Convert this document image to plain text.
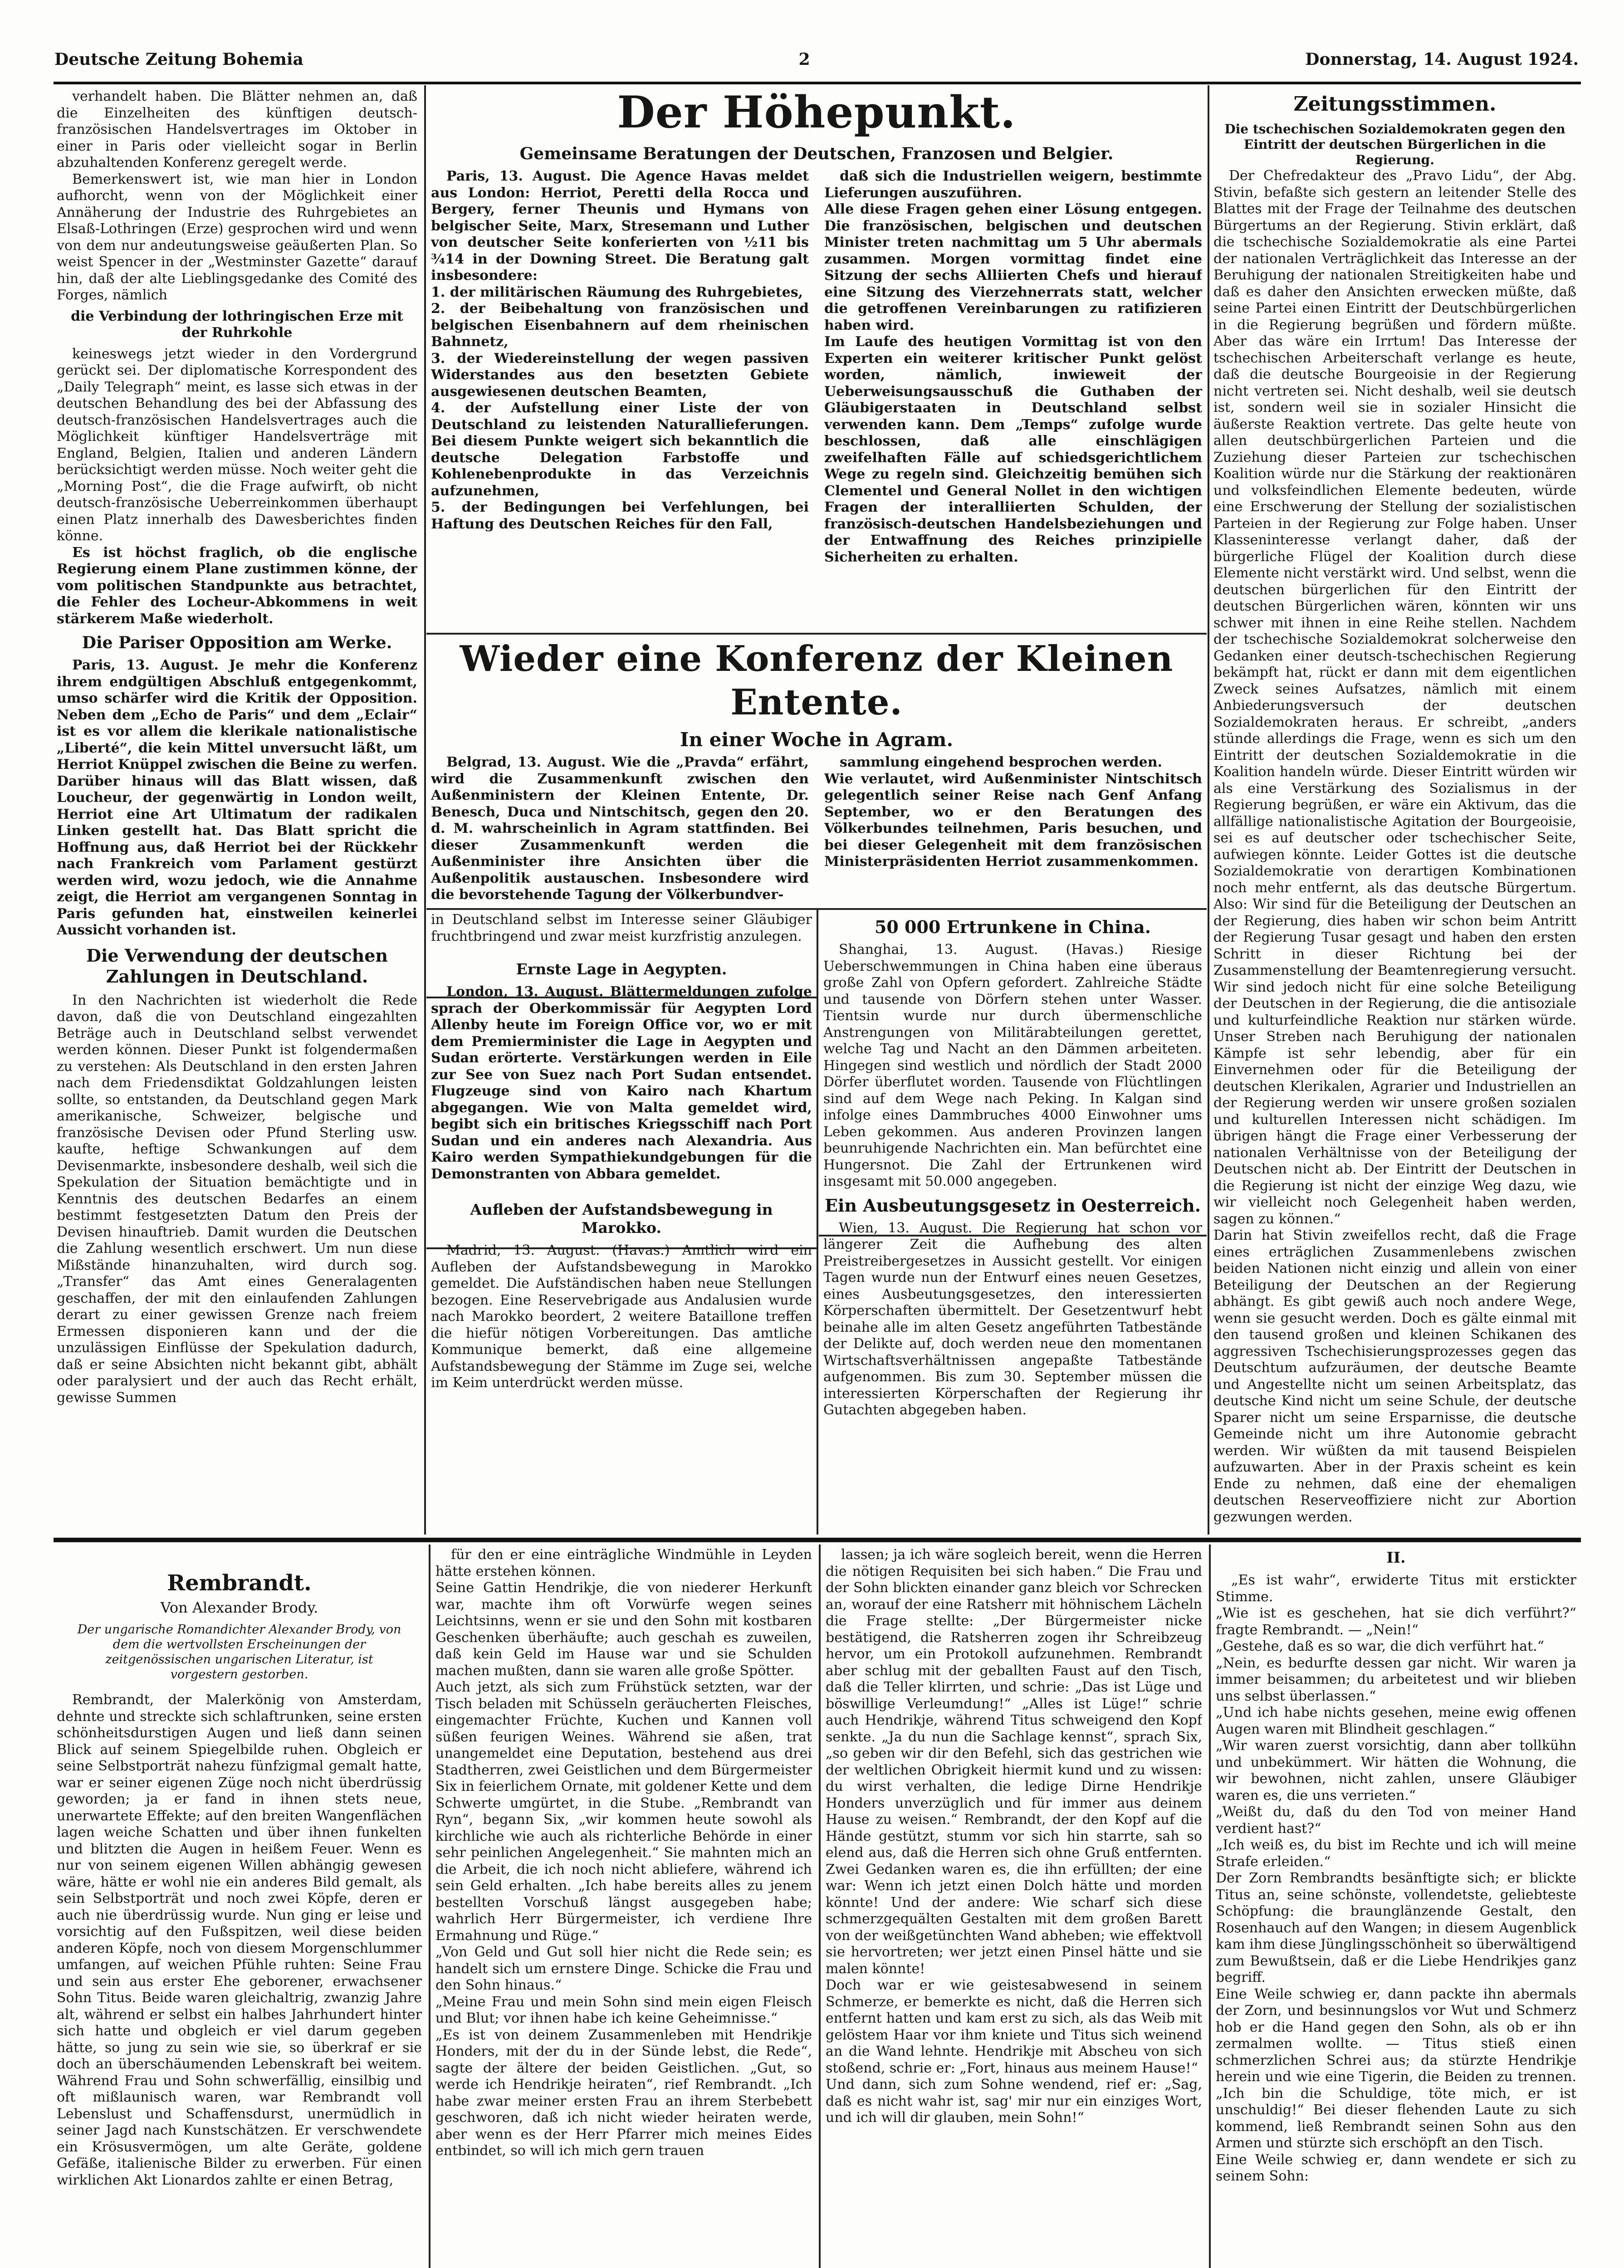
Deutsche Zeitung Bohemia	2	Donnerstag, 14. August 1924.

verhandelt haben. Die Blätter nehmen an, daß die Einzelheiten des künftigen deutsch-französischen Handelsvertrages im Oktober in einer in Paris oder vielleicht sogar in Berlin abzuhaltenden Konferenz geregelt werde.

Bemerkenswert ist, wie man hier in London aufhorcht, wenn von der Möglichkeit einer Annäherung der Industrie des Ruhrgebietes an Elsaß-Lothringen (Erze) gesprochen wird und wenn von dem nur andeutungsweise geäußerten Plan. So weist Spencer in der „Westminster Gazette“ darauf hin, daß der alte Lieblingsgedanke des Comité des Forges, nämlich

die Verbindung der lothringischen Erze mit der Ruhrkohle

keineswegs jetzt wieder in den Vordergrund gerückt sei. Der diplomatische Korrespondent des „Daily Telegraph“ meint, es lasse sich etwas in der deutschen Behandlung des bei der Abfassung des deutsch-französischen Handelsvertrages auch die Möglichkeit künftiger Handelsverträge mit England, Belgien, Italien und anderen Ländern berücksichtigt werden müsse. Noch weiter geht die „Morning Post“, die die Frage aufwirft, ob nicht deutsch-französische Ueberreinkommen überhaupt einen Platz innerhalb des Dawesberichtes finden könne.

Es ist höchst fraglich, ob die englische Regierung einem Plane zustimmen könne, der vom politischen Standpunkte aus betrachtet, die Fehler des Locheur-Abkommens in weit stärkerem Maße wiederholt.

Die Pariser Opposition am Werke.

Paris, 13. August. Je mehr die Konferenz ihrem endgültigen Abschluß entgegenkommt, umso schärfer wird die Kritik der Opposition. Neben dem „Echo de Paris“ und dem „Eclair“ ist es vor allem die klerikale nationalistische „Liberté“, die kein Mittel unversucht läßt, um Herriot Knüppel zwischen die Beine zu werfen. Darüber hinaus will das Blatt wissen, daß Loucheur, der gegenwärtig in London weilt, Herriot eine Art Ultimatum der radikalen Linken gestellt hat. Das Blatt spricht die Hoffnung aus, daß Herriot bei der Rückkehr nach Frankreich vom Parlament gestürzt werden wird, wozu jedoch, wie die Annahme zeigt, die Herriot am vergangenen Sonntag in Paris gefunden hat, einstweilen keinerlei Aussicht vorhanden ist.

Die Verwendung der deutschen Zahlungen in Deutschland.

In den Nachrichten ist wiederholt die Rede davon, daß die von Deutschland eingezahlten Beträge auch in Deutschland selbst verwendet werden können. Dieser Punkt ist folgendermaßen zu verstehen: Als Deutschland in den ersten Jahren nach dem Friedensdiktat Goldzahlungen leisten sollte, so entstanden, da Deutschland gegen Mark amerikanische, Schweizer, belgische und französische Devisen oder Pfund Sterling usw. kaufte, heftige Schwankungen auf dem Devisenmarkte, insbesondere deshalb, weil sich die Spekulation der Situation bemächtigte und in Kenntnis des deutschen Bedarfes an einem bestimmt festgesetzten Datum den Preis der Devisen hinauftrieb. Damit wurden die Deutschen die Zahlung wesentlich erschwert. Um nun diese Mißstände hinanzuhalten, wird durch sog. „Transfer“ das Amt eines Generalagenten geschaffen, der mit den einlaufenden Zahlungen derart zu einer gewissen Grenze nach freiem Ermessen disponieren kann und der die unzulässigen Einflüsse der Spekulation dadurch, daß er seine Absichten nicht bekannt gibt, abhält oder paralysiert und der auch das Recht erhält, gewisse Summen

Der Höhepunkt.
Gemeinsame Beratungen der Deutschen, Franzosen und Belgier.

Paris, 13. August. Die Agence Havas meldet aus London: Herriot, Peretti della Rocca und Bergery, ferner Theunis und Hymans von belgischer Seite, Marx, Stresemann und Luther von deutscher Seite konferierten von ½11 bis ¾14 in der Downing Street. Die Beratung galt insbesondere:
1. der militärischen Räumung des Ruhrgebietes,
2. der Beibehaltung von französischen und belgischen Eisenbahnern auf dem rheinischen Bahnnetz,
3. der Wiedereinstellung der wegen passiven Widerstandes aus den besetzten Gebiete ausgewiesenen deutschen Beamten,
4. der Aufstellung einer Liste der von Deutschland zu leistenden Naturallieferungen. Bei diesem Punkte weigert sich bekanntlich die deutsche Delegation Farbstoffe und Kohlenebenprodukte in das Verzeichnis aufzunehmen,
5. der Bedingungen bei Verfehlungen, bei Haftung des Deutschen Reiches für den Fall,

daß sich die Industriellen weigern, bestimmte Lieferungen auszuführen.
Alle diese Fragen gehen einer Lösung entgegen. Die französischen, belgischen und deutschen Minister treten nachmittag um 5 Uhr abermals zusammen. Morgen vormittag findet eine Sitzung der sechs Alliierten Chefs und hierauf eine Sitzung des Vierzehnerrats statt, welcher die getroffenen Vereinbarungen zu ratifizieren haben wird.
Im Laufe des heutigen Vormittag ist von den Experten ein weiterer kritischer Punkt gelöst worden, nämlich, inwieweit der Ueberweisungsausschuß die Guthaben der Gläubigerstaaten in Deutschland selbst verwenden kann. Dem „Temps“ zufolge wurde beschlossen, daß alle einschlägigen zweifelhaften Fälle auf schiedsgerichtlichem Wege zu regeln sind. Gleichzeitig bemühen sich Clementel und General Nollet in den wichtigen Fragen der interalliierten Schulden, der französisch-deutschen Handelsbeziehungen und der Entwaffnung des Reiches prinzipielle Sicherheiten zu erhalten.

Wieder eine Konferenz der Kleinen Entente.
In einer Woche in Agram.

Belgrad, 13. August. Wie die „Pravda“ erfährt, wird die Zusammenkunft zwischen den Außenministern der Kleinen Entente, Dr. Benesch, Duca und Nintschitsch, gegen den 20. d. M. wahrscheinlich in Agram stattfinden. Bei dieser Zusammenkunft werden die Außenminister ihre Ansichten über die Außenpolitik austauschen. Insbesondere wird die bevorstehende Tagung der Völkerbundver-

sammlung eingehend besprochen werden.
Wie verlautet, wird Außenminister Nintschitsch gelegentlich seiner Reise nach Genf Anfang September, wo er den Beratungen des Völkerbundes teilnehmen, Paris besuchen, und bei dieser Gelegenheit mit dem französischen Ministerpräsidenten Herriot zusammenkommen.

in Deutschland selbst im Interesse seiner Gläubiger fruchtbringend und zwar meist kurzfristig anzulegen.

Ernste Lage in Aegypten.

London, 13. August. Blättermeldungen zufolge sprach der Oberkommissär für Aegypten Lord Allenby heute im Foreign Office vor, wo er mit dem Premierminister die Lage in Aegypten und Sudan erörterte. Verstärkungen werden in Eile zur See von Suez nach Port Sudan entsendet. Flugzeuge sind von Kairo nach Khartum abgegangen. Wie von Malta gemeldet wird, begibt sich ein britisches Kriegsschiff nach Port Sudan und ein anderes nach Alexandria. Aus Kairo werden Sympathiekundgebungen für die Demonstranten von Abbara gemeldet.

Aufleben der Aufstandsbewegung in Marokko.

Madrid, 13. August. (Havas.) Amtlich wird ein Aufleben der Aufstandsbewegung in Marokko gemeldet. Die Aufständischen haben neue Stellungen bezogen. Eine Reservebrigade aus Andalusien wurde nach Marokko beordert, 2 weitere Bataillone treffen die hiefür nötigen Vorbereitungen. Das amtliche Kommunique bemerkt, daß eine allgemeine Aufstandsbewegung der Stämme im Zuge sei, welche im Keim unterdrückt werden müsse.

50 000 Ertrunkene in China.

Shanghai, 13. August. (Havas.) Riesige Ueberschwemmungen in China haben eine überaus große Zahl von Opfern gefordert. Zahlreiche Städte und tausende von Dörfern stehen unter Wasser. Tientsin wurde nur durch übermenschliche Anstrengungen von Militärabteilungen gerettet, welche Tag und Nacht an den Dämmen arbeiteten. Hingegen sind westlich und nördlich der Stadt 2000 Dörfer überflutet worden. Tausende von Flüchtlingen sind auf dem Wege nach Peking. In Kalgan sind infolge eines Dammbruches 4000 Einwohner ums Leben gekommen. Aus anderen Provinzen langen beunruhigende Nachrichten ein. Man befürchtet eine Hungersnot. Die Zahl der Ertrunkenen wird insgesamt mit 50.000 angegeben.

Ein Ausbeutungsgesetz in Oesterreich.

Wien, 13. August. Die Regierung hat schon vor längerer Zeit die Aufhebung des alten Preistreibergesetzes in Aussicht gestellt. Vor einigen Tagen wurde nun der Entwurf eines neuen Gesetzes, eines Ausbeutungsgesetzes, den interessierten Körperschaften übermittelt. Der Gesetzentwurf hebt beinahe alle im alten Gesetz angeführten Tatbestände der Delikte auf, doch werden neue den momentanen Wirtschaftsverhältnissen angepaßte Tatbestände aufgenommen. Bis zum 30. September müssen die interessierten Körperschaften der Regierung ihr Gutachten abgegeben haben.

Zeitungsstimmen.

Die tschechischen Sozialdemokraten gegen den Eintritt der deutschen Bürgerlichen in die Regierung.

Der Chefredakteur des „Pravo Lidu“, der Abg. Stivin, befaßte sich gestern an leitender Stelle des Blattes mit der Frage der Teilnahme des deutschen Bürgertums an der Regierung. Stivin erklärt, daß die tschechische Sozialdemokratie als eine Partei der nationalen Verträglichkeit das Interesse an der Beruhigung der nationalen Streitigkeiten habe und daß es daher den Ansichten erwecken müßte, daß seine Partei einen Eintritt der Deutschbürgerlichen in die Regierung begrüßen und fördern müßte. Aber das wäre ein Irrtum! Das Interesse der tschechischen Arbeiterschaft verlange es heute, daß die deutsche Bourgeoisie in der Regierung nicht vertreten sei. Nicht deshalb, weil sie deutsch ist, sondern weil sie in sozialer Hinsicht die äußerste Reaktion vertrete. Das gelte heute von allen deutschbürgerlichen Parteien und die Zuziehung dieser Parteien zur tschechischen Koalition würde nur die Stärkung der reaktionären und volksfeindlichen Elemente bedeuten, würde eine Erschwerung der Stellung der sozialistischen Parteien in der Regierung zur Folge haben. Unser Klasseninteresse verlangt daher, daß der bürgerliche Flügel der Koalition durch diese Elemente nicht verstärkt wird. Und selbst, wenn die deutschen bürgerlichen für den Eintritt der deutschen Bürgerlichen wären, könnten wir uns schwer mit ihnen in eine Reihe stellen. Nachdem der tschechische Sozialdemokrat solcherweise den Gedanken einer deutsch-tschechischen Regierung bekämpft hat, rückt er dann mit dem eigentlichen Zweck seines Aufsatzes, nämlich mit einem Anbiederungsversuch der deutschen Sozialdemokraten heraus. Er schreibt, „anders stünde allerdings die Frage, wenn es sich um den Eintritt der deutschen Sozialdemokratie in die Koalition handeln würde. Dieser Eintritt würden wir als eine Verstärkung des Sozialismus in der Regierung begrüßen, er wäre ein Aktivum, das die allfällige nationalistische Agitation der Bourgeoisie, sei es auf deutscher oder tschechischer Seite, aufwiegen könnte. Leider Gottes ist die deutsche Sozialdemokratie von derartigen Kombinationen noch mehr entfernt, als das deutsche Bürgertum. Also: Wir sind für die Beteiligung der Deutschen an der Regierung, dies haben wir schon beim Antritt der Regierung Tusar gesagt und haben den ersten Schritt in dieser Richtung bei der Zusammenstellung der Beamtenregierung versucht. Wir sind jedoch nicht für eine solche Beteiligung der Deutschen in der Regierung, die die antisoziale und kulturfeindliche Reaktion nur stärken würde. Unser Streben nach Beruhigung der nationalen Kämpfe ist sehr lebendig, aber für ein Einvernehmen oder für die Beteiligung der deutschen Klerikalen, Agrarier und Industriellen an der Regierung werden wir unsere großen sozialen und kulturellen Interessen nicht schädigen. Im übrigen hängt die Frage einer Verbesserung der nationalen Verhältnisse von der Beteiligung der Deutschen nicht ab. Der Eintritt der Deutschen in die Regierung ist nicht der einzige Weg dazu, wie wir vielleicht noch Gelegenheit haben werden, sagen zu können.“
Darin hat Stivin zweifellos recht, daß die Frage eines erträglichen Zusammenlebens zwischen beiden Nationen nicht einzig und allein von einer Beteiligung der Deutschen an der Regierung abhängt. Es gibt gewiß auch noch andere Wege, wenn sie gesucht werden. Doch es gälte einmal mit den tausend großen und kleinen Schikanen des aggressiven Tschechisierungsprozesses gegen das Deutschtum aufzuräumen, der deutsche Beamte und Angestellte nicht um seinen Arbeitsplatz, das deutsche Kind nicht um seine Schule, der deutsche Sparer nicht um seine Ersparnisse, die deutsche Gemeinde nicht um ihre Autonomie gebracht werden. Wir wüßten da mit tausend Beispielen aufzuwarten. Aber in der Praxis scheint es kein Ende zu nehmen, daß eine der ehemaligen deutschen Reserveoffiziere nicht zur Abortion gezwungen werden.

Rembrandt.
Von Alexander Brody.

Der ungarische Romandichter Alexander Brody, von dem die wertvollsten Erscheinungen der zeitgenössischen ungarischen Literatur, ist vorgestern gestorben.

Rembrandt, der Malerkönig von Amsterdam, dehnte und streckte sich schlaftrunken, seine ersten schönheitsdurstigen Augen und ließ dann seinen Blick auf seinem Spiegelbilde ruhen. Obgleich er seine Selbstporträt nahezu fünfzigmal gemalt hatte, war er seiner eigenen Züge noch nicht überdrüssig geworden; ja er fand in ihnen stets neue, unerwartete Effekte; auf den breiten Wangenflächen lagen weiche Schatten und über ihnen funkelten und blitzten die Augen in heißem Feuer. Wenn es nur von seinem eigenen Willen abhängig gewesen wäre, hätte er wohl nie ein anderes Bild gemalt, als sein Selbstporträt und noch zwei Köpfe, deren er auch nie überdrüssig wurde. Nun ging er leise und vorsichtig auf den Fußspitzen, weil diese beiden anderen Köpfe, noch von diesem Morgenschlummer umfangen, auf weichen Pfühle ruhten: Seine Frau und sein aus erster Ehe geborener, erwachsener Sohn Titus. Beide waren gleichaltrig, zwanzig Jahre alt, während er selbst ein halbes Jahrhundert hinter sich hatte und obgleich er viel darum gegeben hätte, so jung zu sein wie sie, so überkraf er sie doch an überschäumenden Lebenskraft bei weitem. Während Frau und Sohn schwerfällig, einsilbig und oft mißlaunisch waren, war Rembrandt voll Lebenslust und Schaffensdurst, unermüdlich in seiner Jagd nach Kunstschätzen. Er verschwendete ein Krösusvermögen, um alte Geräte, goldene Gefäße, italienische Bilder zu erwerben. Für einen wirklichen Akt Lionardos zahlte er einen Betrag,

für den er eine einträgliche Windmühle in Leyden hätte erstehen können.
Seine Gattin Hendrikje, die von niederer Herkunft war, machte ihm oft Vorwürfe wegen seines Leichtsinns, wenn er sie und den Sohn mit kostbaren Geschenken überhäufte; auch geschah es zuweilen, daß kein Geld im Hause war und sie Schulden machen mußten, dann sie waren alle große Spötter.
Auch jetzt, als sich zum Frühstück setzten, war der Tisch beladen mit Schüsseln geräucherten Fleisches, eingemachter Früchte, Kuchen und Kannen voll süßen feurigen Weines. Während sie aßen, trat unangemeldet eine Deputation, bestehend aus drei Stadtherren, zwei Geistlichen und dem Bürgermeister Six in feierlichem Ornate, mit goldener Kette und dem Schwerte umgürtet, in die Stube. „Rembrandt van Ryn“, begann Six, „wir kommen heute sowohl als kirchliche wie auch als richterliche Behörde in einer sehr peinlichen Angelegenheit.“ Sie mahnten mich an die Arbeit, die ich noch nicht abliefere, während ich sein Geld erhalten. „Ich habe bereits alles zu jenem bestellten Vorschuß längst ausgegeben habe; wahrlich Herr Bürgermeister, ich verdiene Ihre Ermahnung und Rüge.“
„Von Geld und Gut soll hier nicht die Rede sein; es handelt sich um ernstere Dinge. Schicke die Frau und den Sohn hinaus.“
„Meine Frau und mein Sohn sind mein eigen Fleisch und Blut; vor ihnen habe ich keine Geheimnisse.“
„Es ist von deinem Zusammenleben mit Hendrikje Honders, mit der du in der Sünde lebst, die Rede“, sagte der ältere der beiden Geistlichen. „Gut, so werde ich Hendrikje heiraten“, rief Rembrandt. „Ich habe zwar meiner ersten Frau an ihrem Sterbebett geschworen, daß ich nicht wieder heiraten werde, aber wenn es der Herr Pfarrer mich meines Eides entbindet, so will ich mich gern trauen

lassen; ja ich wäre sogleich bereit, wenn die Herren die nötigen Requisiten bei sich haben.“ Die Frau und der Sohn blickten einander ganz bleich vor Schrecken an, worauf der eine Ratsherr mit höhnischem Lächeln die Frage stellte: „Der Bürgermeister nicke bestätigend, die Ratsherren zogen ihr Schreibzeug hervor, um ein Protokoll aufzunehmen. Rembrandt aber schlug mit der geballten Faust auf den Tisch, daß die Teller klirrten, und schrie: „Das ist Lüge und böswillige Verleumdung!“ „Alles ist Lüge!“ schrie auch Hendrikje, während Titus schweigend den Kopf senkte. „Ja du nun die Sachlage kennst“, sprach Six, „so geben wir dir den Befehl, sich das gestrichen wie der weltlichen Obrigkeit hiermit kund und zu wissen: du wirst verhalten, die ledige Dirne Hendrikje Honders unverzüglich und für immer aus deinem Hause zu weisen.“ Rembrandt, der den Kopf auf die Hände gestützt, stumm vor sich hin starrte, sah so elend aus, daß die Herren sich ohne Gruß entfernten. Zwei Gedanken waren es, die ihn erfüllten; der eine war: Wenn ich jetzt einen Dolch hätte und morden könnte! Und der andere: Wie scharf sich diese schmerzgequälten Gestalten mit dem großen Barett von der weißgetünchten Wand abheben; wie effektvoll sie hervortreten; wer jetzt einen Pinsel hätte und sie malen könnte!
Doch war er wie geistesabwesend in seinem Schmerze, er bemerkte es nicht, daß die Herren sich entfernt hatten und kam erst zu sich, als das Weib mit gelöstem Haar vor ihm kniete und Titus sich weinend an die Wand lehnte. Hendrikje mit Abscheu von sich stoßend, schrie er: „Fort, hinaus aus meinem Hause!“
Und dann, sich zum Sohne wendend, rief er: „Sag, daß es nicht wahr ist, sag' mir nur ein einziges Wort, und ich will dir glauben, mein Sohn!“

II.

„Es ist wahr“, erwiderte Titus mit erstickter Stimme.
„Wie ist es geschehen, hat sie dich verführt?“ fragte Rembrandt. — „Nein!“
„Gestehe, daß es so war, die dich verführt hat.“
„Nein, es bedurfte dessen gar nicht. Wir waren ja immer beisammen; du arbeitetest und wir blieben uns selbst überlassen.“
„Und ich habe nichts gesehen, meine ewig offenen Augen waren mit Blindheit geschlagen.“
„Wir waren zuerst vorsichtig, dann aber tollkühn und unbekümmert. Wir hätten die Wohnung, die wir bewohnen, nicht zahlen, unsere Gläubiger waren es, die uns verrieten.“
„Weißt du, daß du den Tod von meiner Hand verdient hast?“
„Ich weiß es, du bist im Rechte und ich will meine Strafe erleiden.“
Der Zorn Rembrandts besänftigte sich; er blickte Titus an, seine schönste, vollendetste, geliebteste Schöpfung: die braunglänzende Gestalt, den Rosenhauch auf den Wangen; in diesem Augenblick kam ihm diese Jünglingsschönheit so überwältigend zum Bewußtsein, daß er die Liebe Hendrikjes ganz begriff.
Eine Weile schwieg er, dann packte ihn abermals der Zorn, und besinnungslos vor Wut und Schmerz hob er die Hand gegen den Sohn, als ob er ihn zermalmen wollte. — Titus stieß einen schmerzlichen Schrei aus; da stürzte Hendrikje herein und wie eine Tigerin, die Beiden zu trennen. „Ich bin die Schuldige, töte mich, er ist unschuldig!“ Bei dieser flehenden Laute zu sich kommend, ließ Rembrandt seinen Sohn aus den Armen und stürzte sich erschöpft an den Tisch.
Eine Weile schwieg er, dann wendete er sich zu seinem Sohn:
